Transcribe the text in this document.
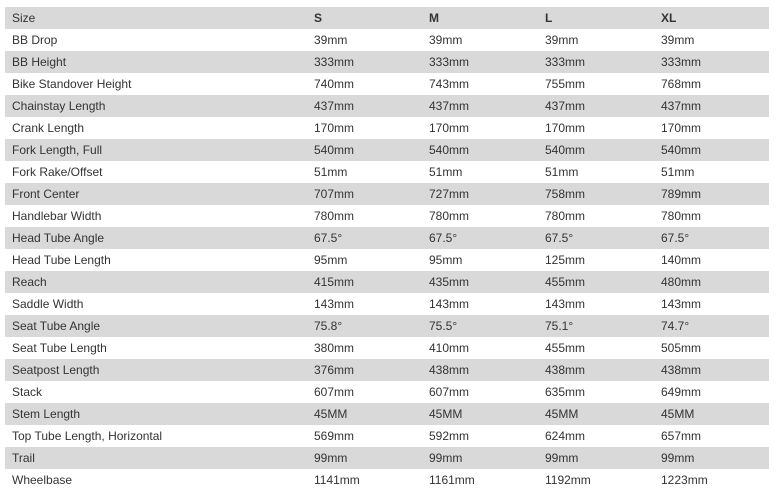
Size	S	M	L	XL
BB Drop	39mm	39mm	39mm	39mm
BB Height	333mm	333mm	333mm	333mm
Bike Standover Height	740mm	743mm	755mm	768mm
Chainstay Length	437mm	437mm	437mm	437mm
Crank Length	170mm	170mm	170mm	170mm
Fork Length, Full	540mm	540mm	540mm	540mm
Fork Rake/Offset	51mm	51mm	51mm	51mm
Front Center	707mm	727mm	758mm	789mm
Handlebar Width	780mm	780mm	780mm	780mm
Head Tube Angle	67.5°	67.5°	67.5°	67.5°
Head Tube Length	95mm	95mm	125mm	140mm
Reach	415mm	435mm	455mm	480mm
Saddle Width	143mm	143mm	143mm	143mm
Seat Tube Angle	75.8°	75.5°	75.1°	74.7°
Seat Tube Length	380mm	410mm	455mm	505mm
Seatpost Length	376mm	438mm	438mm	438mm
Stack	607mm	607mm	635mm	649mm
Stem Length	45MM	45MM	45MM	45MM
Top Tube Length, Horizontal	569mm	592mm	624mm	657mm
Trail	99mm	99mm	99mm	99mm
Wheelbase	1141mm	1161mm	1192mm	1223mm
